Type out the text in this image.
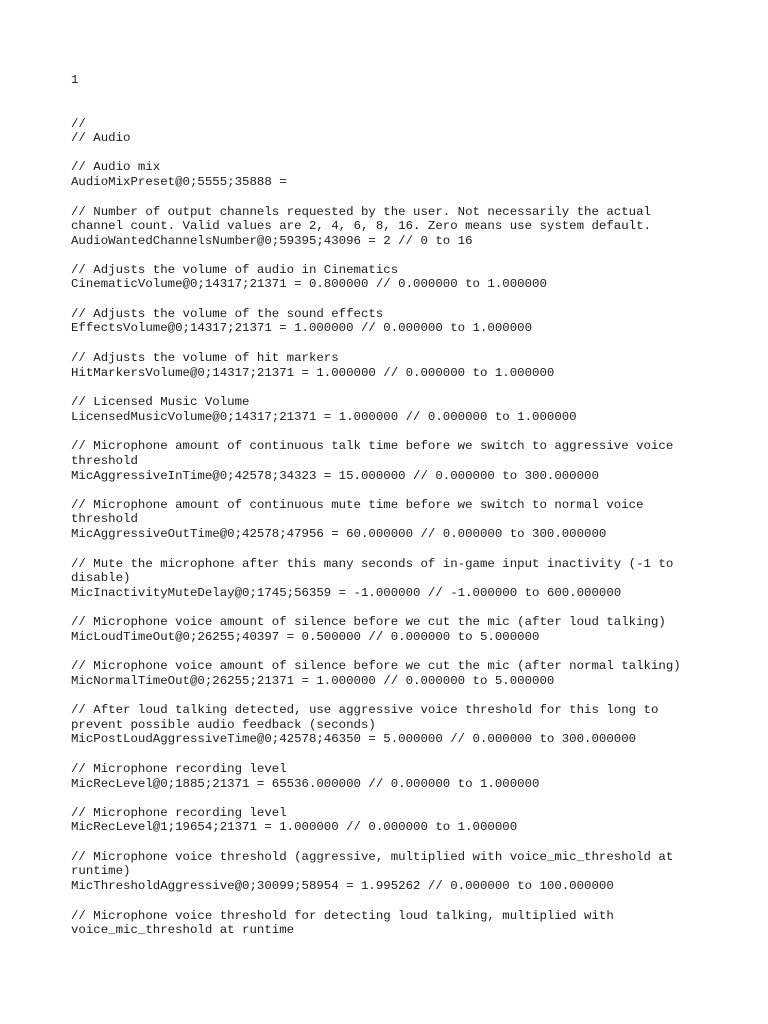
1
//
// Audio
// Audio mix
AudioMixPreset@0;5555;35888 =
// Number of output channels requested by the user. Not necessarily the actual
channel count. Valid values are 2, 4, 6, 8, 16. Zero means use system default.
AudioWantedChannelsNumber@0;59395;43096 = 2 // 0 to 16
// Adjusts the volume of audio in Cinematics
CinematicVolume@0;14317;21371 = 0.800000 // 0.000000 to 1.000000
// Adjusts the volume of the sound effects
EffectsVolume@0;14317;21371 = 1.000000 // 0.000000 to 1.000000
// Adjusts the volume of hit markers
HitMarkersVolume@0;14317;21371 = 1.000000 // 0.000000 to 1.000000
// Licensed Music Volume
LicensedMusicVolume@0;14317;21371 = 1.000000 // 0.000000 to 1.000000
// Microphone amount of continuous talk time before we switch to aggressive voice
threshold
MicAggressiveInTime@0;42578;34323 = 15.000000 // 0.000000 to 300.000000
// Microphone amount of continuous mute time before we switch to normal voice
threshold
MicAggressiveOutTime@0;42578;47956 = 60.000000 // 0.000000 to 300.000000
// Mute the microphone after this many seconds of in-game input inactivity (-1 to
disable)
MicInactivityMuteDelay@0;1745;56359 = -1.000000 // -1.000000 to 600.000000
// Microphone voice amount of silence before we cut the mic (after loud talking)
MicLoudTimeOut@0;26255;40397 = 0.500000 // 0.000000 to 5.000000
// Microphone voice amount of silence before we cut the mic (after normal talking)
MicNormalTimeOut@0;26255;21371 = 1.000000 // 0.000000 to 5.000000
// After loud talking detected, use aggressive voice threshold for this long to
prevent possible audio feedback (seconds)
MicPostLoudAggressiveTime@0;42578;46350 = 5.000000 // 0.000000 to 300.000000
// Microphone recording level
MicRecLevel@0;1885;21371 = 65536.000000 // 0.000000 to 1.000000
// Microphone recording level
MicRecLevel@1;19654;21371 = 1.000000 // 0.000000 to 1.000000
// Microphone voice threshold (aggressive, multiplied with voice_mic_threshold at
runtime)
MicThresholdAggressive@0;30099;58954 = 1.995262 // 0.000000 to 100.000000
// Microphone voice threshold for detecting loud talking, multiplied with
voice_mic_threshold at runtime
